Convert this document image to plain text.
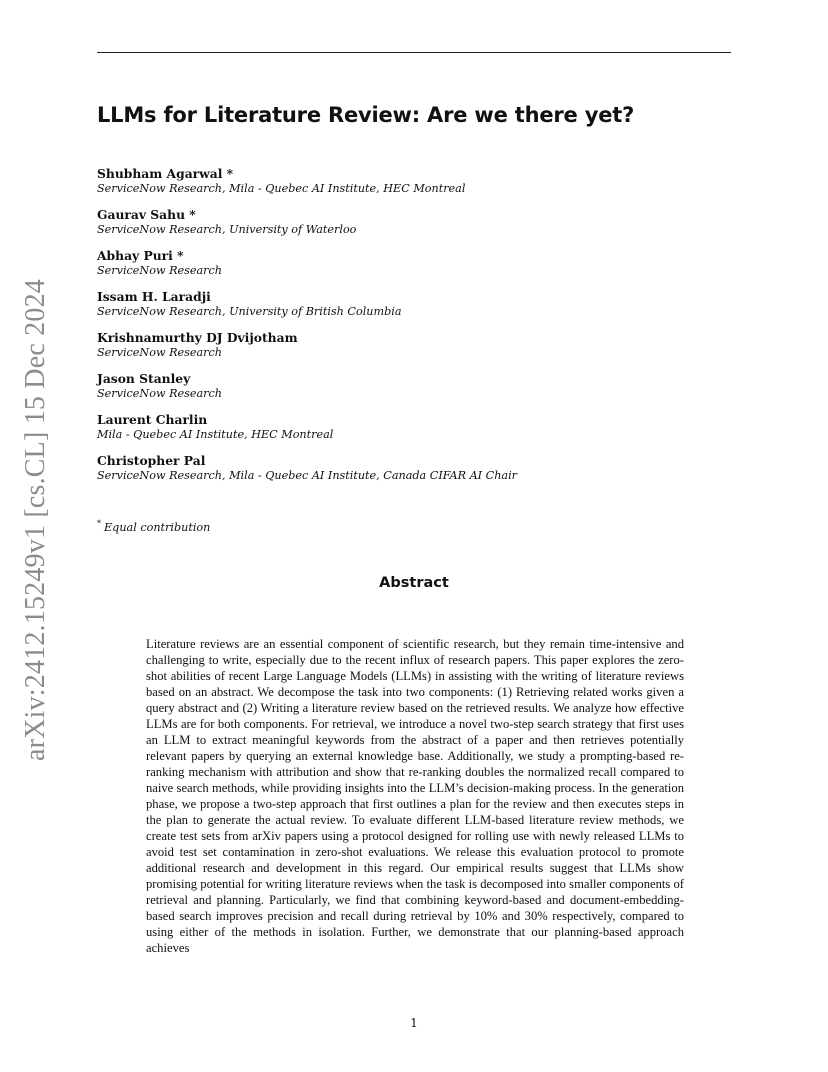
arXiv:2412.15249v1 [cs.CL] 15 Dec 2024
LLMs for Literature Review: Are we there yet?
Shubham Agarwal *
ServiceNow Research, Mila - Quebec AI Institute, HEC Montreal
Gaurav Sahu *
ServiceNow Research, University of Waterloo
Abhay Puri *
ServiceNow Research
Issam H. Laradji
ServiceNow Research, University of British Columbia
Krishnamurthy DJ Dvijotham
ServiceNow Research
Jason Stanley
ServiceNow Research
Laurent Charlin
Mila - Quebec AI Institute, HEC Montreal
Christopher Pal
ServiceNow Research, Mila - Quebec AI Institute, Canada CIFAR AI Chair
* Equal contribution
Abstract

Literature reviews are an essential component of scientific research, but they remain time-intensive and challenging to write, especially due to the recent influx of research papers. This paper explores the zero-shot abilities of recent Large Language Models (LLMs) in assisting with the writing of literature reviews based on an abstract. We decompose the task into two components: (1) Retrieving related works given a query abstract and (2) Writing a literature review based on the retrieved results. We analyze how effective LLMs are for both components. For retrieval, we introduce a novel two-step search strategy that first uses an LLM to extract meaningful keywords from the abstract of a paper and then retrieves potentially relevant papers by querying an external knowledge base. Additionally, we study a prompting-based re-ranking mechanism with attribution and show that re-ranking doubles the normalized recall compared to naive search methods, while providing insights into the LLM’s decision-making process. In the generation phase, we propose a two-step approach that first outlines a plan for the review and then executes steps in the plan to generate the actual review. To evaluate different LLM-based literature review methods, we create test sets from arXiv papers using a protocol designed for rolling use with newly released LLMs to avoid test set contamination in zero-shot evaluations. We release this evaluation protocol to promote additional research and development in this regard. Our empirical results suggest that LLMs show promising potential for writing literature reviews when the task is decomposed into smaller components of retrieval and planning. Particularly, we find that combining keyword-based and document-embedding-based search improves precision and recall during retrieval by 10% and 30% respectively, compared to using either of the methods in isolation. Further, we demonstrate that our planning-based approach achieves

1
